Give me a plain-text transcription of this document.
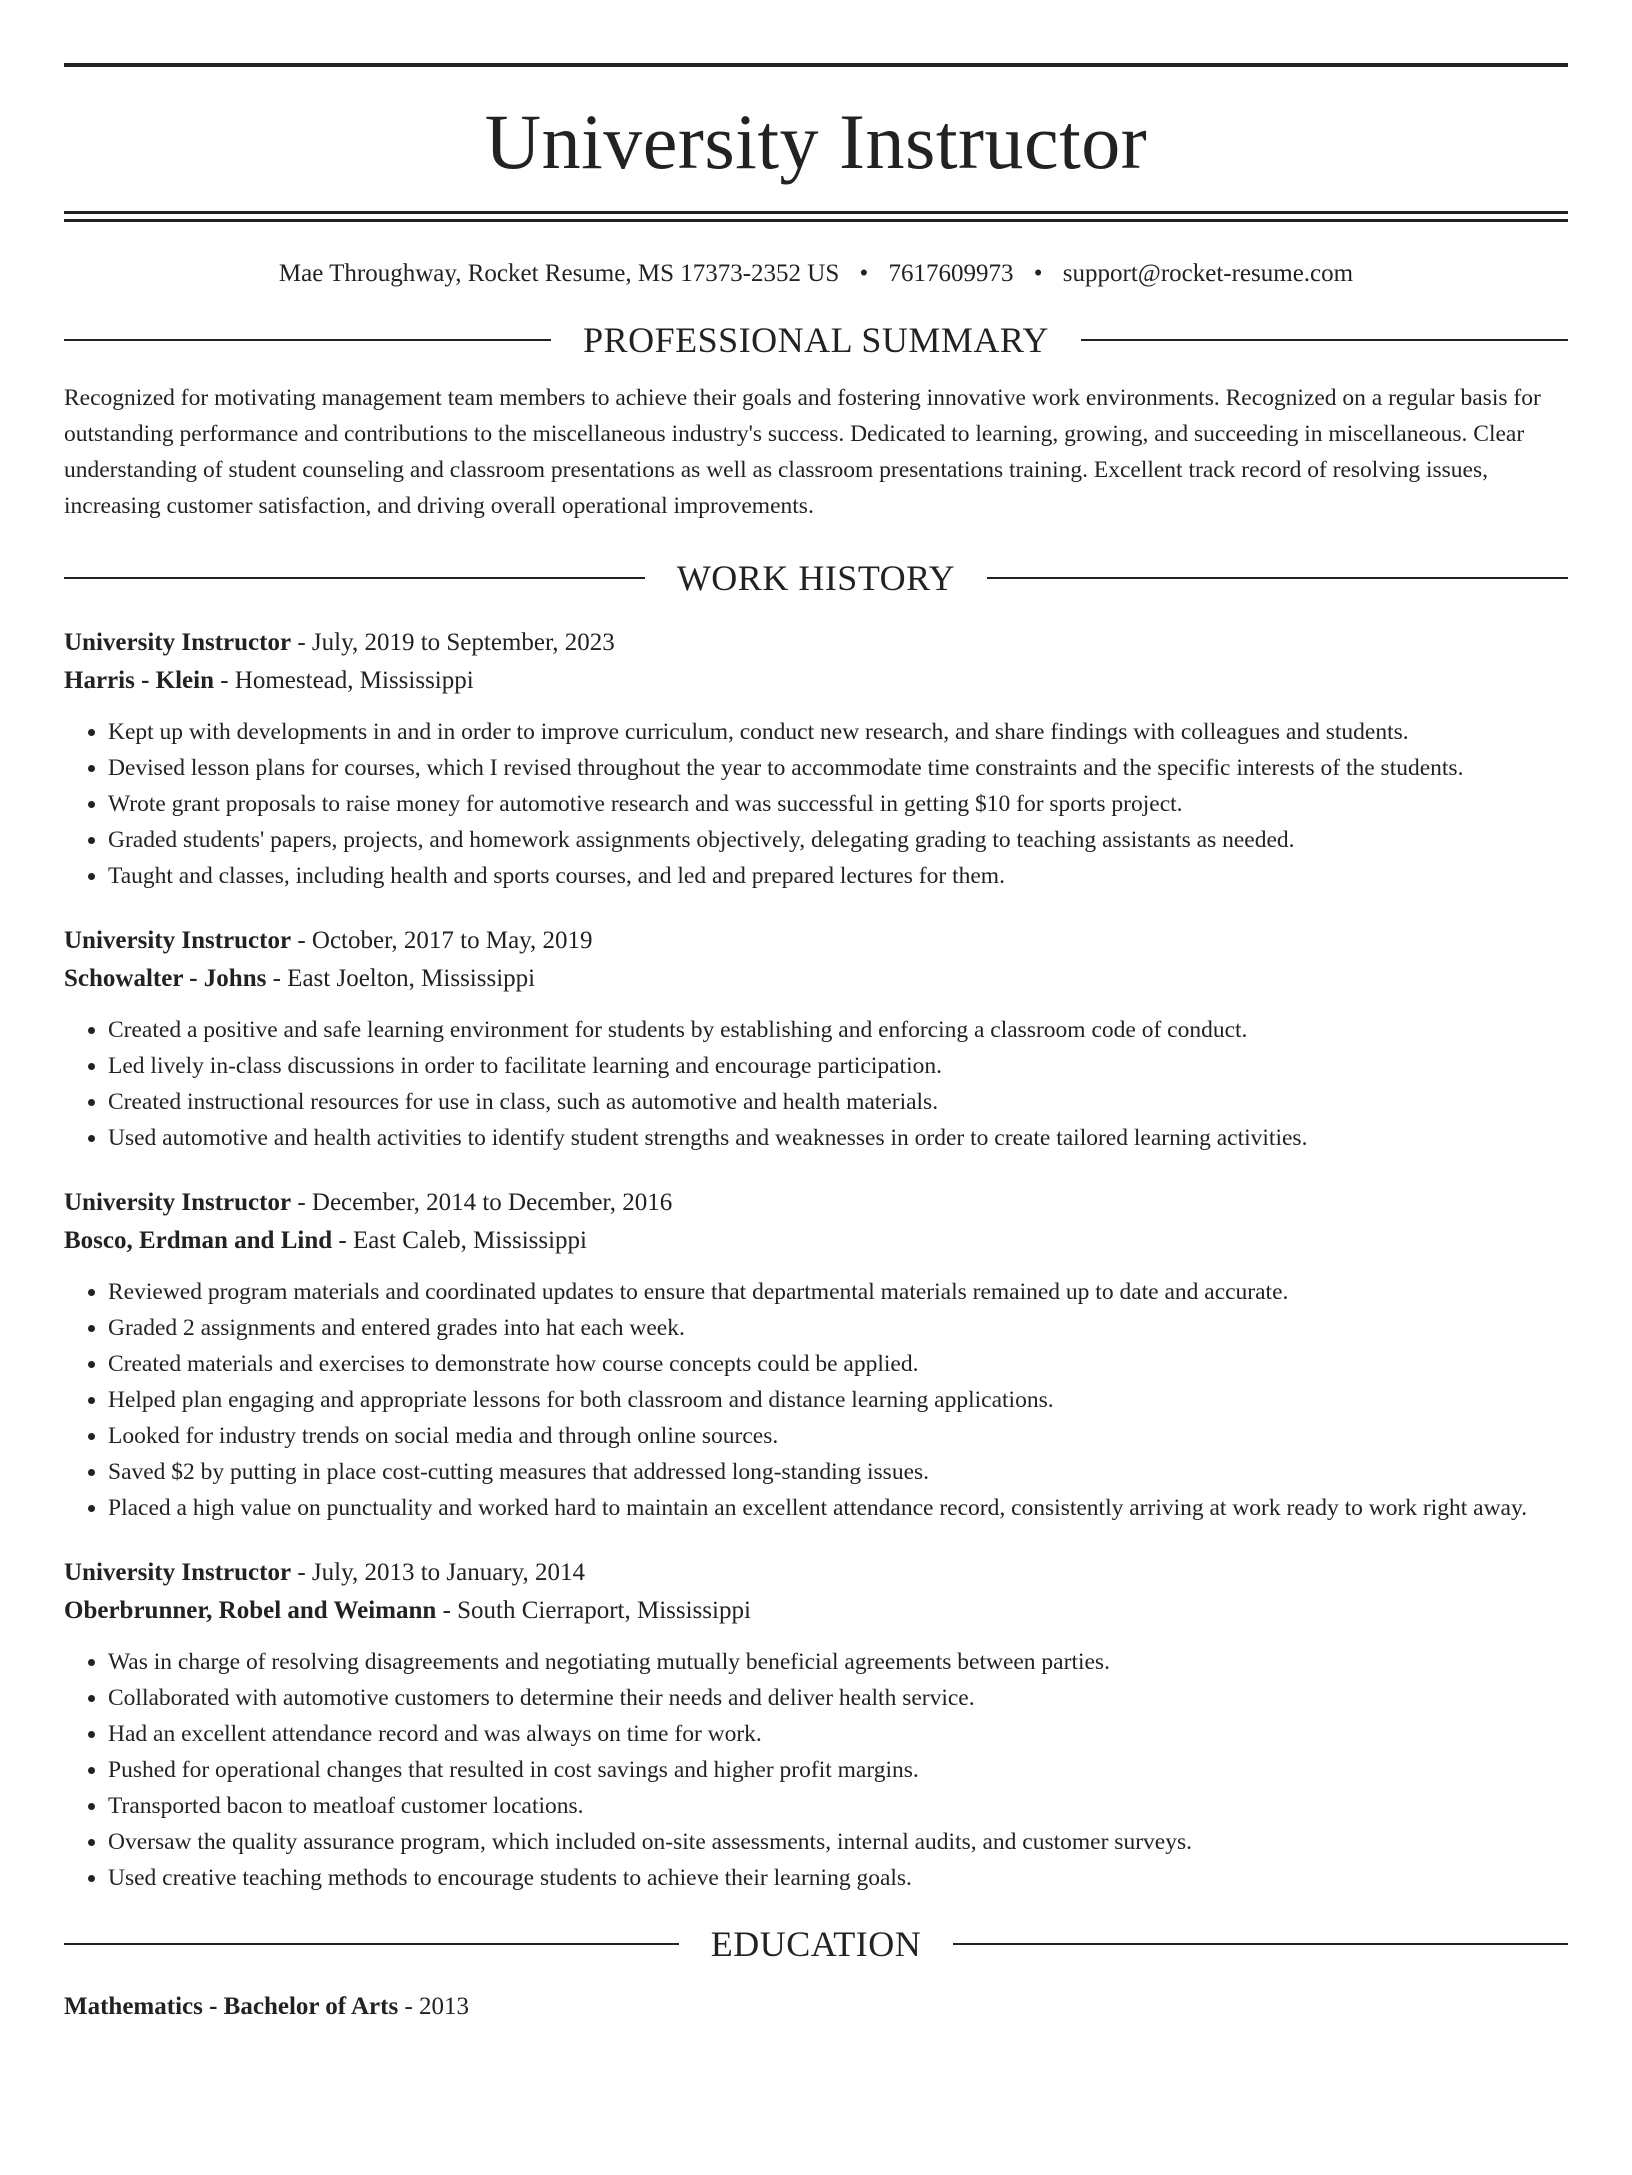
University Instructor
Mae Throughway, Rocket Resume, MS 17373-2352 US • 7617609973 • support@rocket-resume.com
PROFESSIONAL SUMMARY

Recognized for motivating management team members to achieve their goals and fostering innovative work environments. Recognized on a regular basis for outstanding performance and contributions to the miscellaneous industry's success. Dedicated to learning, growing, and succeeding in miscellaneous. Clear understanding of student counseling and classroom presentations as well as classroom presentations training. Excellent track record of resolving issues, increasing customer satisfaction, and driving overall operational improvements.

WORK HISTORY
University Instructor - July, 2019 to September, 2023
Harris - Klein - Homestead, Mississippi
• Kept up with developments in and in order to improve curriculum, conduct new research, and share findings with colleagues and students.
• Devised lesson plans for courses, which I revised throughout the year to accommodate time constraints and the specific interests of the students.
• Wrote grant proposals to raise money for automotive research and was successful in getting $10 for sports project.
• Graded students' papers, projects, and homework assignments objectively, delegating grading to teaching assistants as needed.
• Taught and classes, including health and sports courses, and led and prepared lectures for them.
University Instructor - October, 2017 to May, 2019
Schowalter - Johns - East Joelton, Mississippi
• Created a positive and safe learning environment for students by establishing and enforcing a classroom code of conduct.
• Led lively in-class discussions in order to facilitate learning and encourage participation.
• Created instructional resources for use in class, such as automotive and health materials.
• Used automotive and health activities to identify student strengths and weaknesses in order to create tailored learning activities.
University Instructor - December, 2014 to December, 2016
Bosco, Erdman and Lind - East Caleb, Mississippi
• Reviewed program materials and coordinated updates to ensure that departmental materials remained up to date and accurate.
• Graded 2 assignments and entered grades into hat each week.
• Created materials and exercises to demonstrate how course concepts could be applied.
• Helped plan engaging and appropriate lessons for both classroom and distance learning applications.
• Looked for industry trends on social media and through online sources.
• Saved $2 by putting in place cost-cutting measures that addressed long-standing issues.
• Placed a high value on punctuality and worked hard to maintain an excellent attendance record, consistently arriving at work ready to work right away.
University Instructor - July, 2013 to January, 2014
Oberbrunner, Robel and Weimann - South Cierraport, Mississippi
• Was in charge of resolving disagreements and negotiating mutually beneficial agreements between parties.
• Collaborated with automotive customers to determine their needs and deliver health service.
• Had an excellent attendance record and was always on time for work.
• Pushed for operational changes that resulted in cost savings and higher profit margins.
• Transported bacon to meatloaf customer locations.
• Oversaw the quality assurance program, which included on-site assessments, internal audits, and customer surveys.
• Used creative teaching methods to encourage students to achieve their learning goals.
EDUCATION
Mathematics - Bachelor of Arts - 2013
